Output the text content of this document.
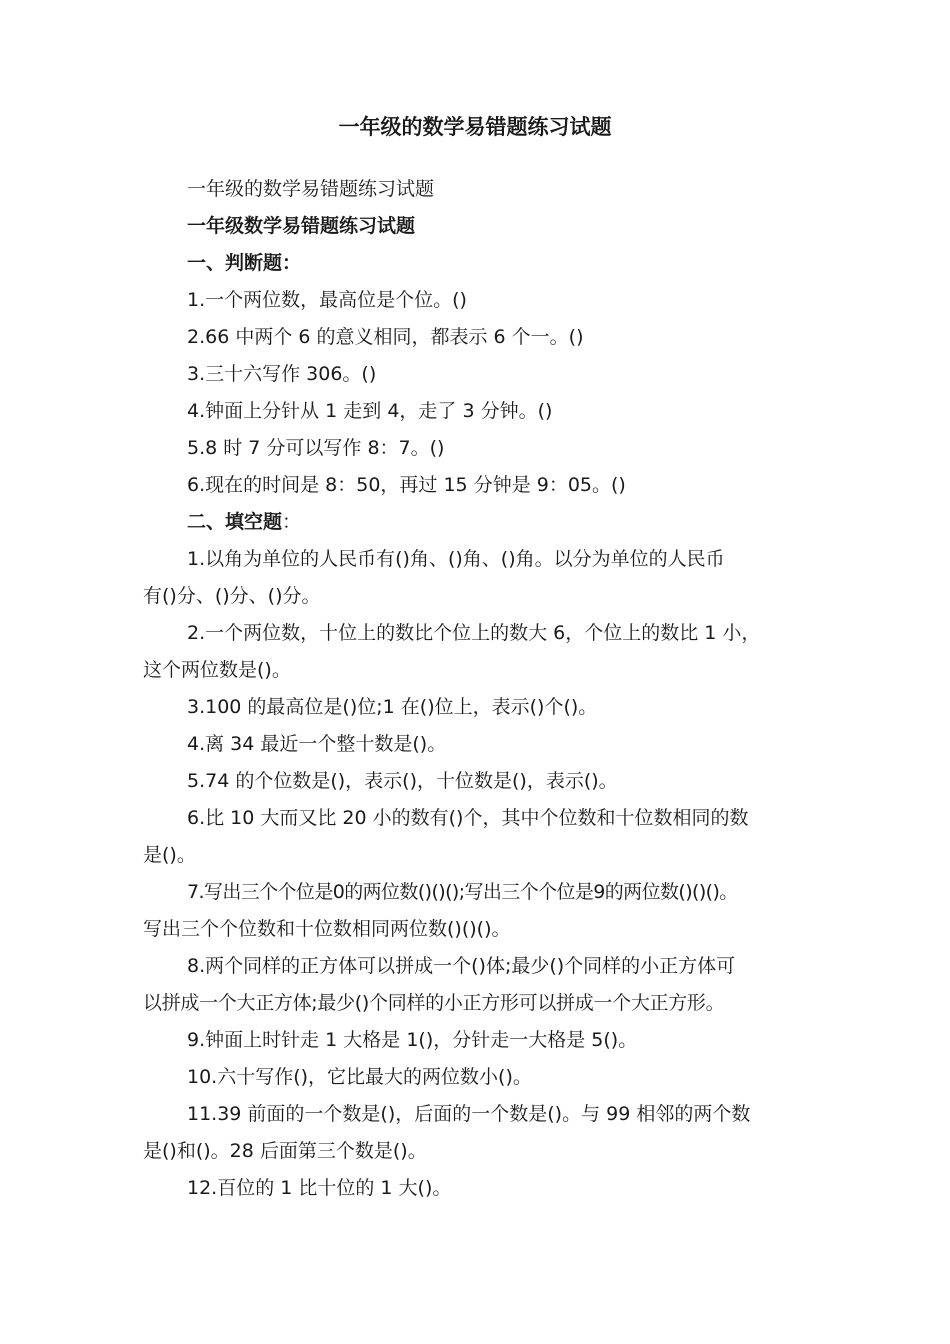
一年级的数学易错题练习试题

一年级的数学易错题练习试题

一年级数学易错题练习试题

一、判断题：

1.一个两位数，最高位是个位。()

2.66 中两个 6 的意义相同，都表示 6 个一。()

3.三十六写作 306。()

4.钟面上分针从 1 走到 4，走了 3 分钟。()

5.8 时 7 分可以写作 8：7。()

6.现在的时间是 8：50，再过 15 分钟是 9：05。()

二、填空题：

1.以角为单位的人民币有()角、()角、()角。以分为单位的人民币

有()分、()分、()分。

2.一个两位数，十位上的数比个位上的数大 6，个位上的数比 1 小，

这个两位数是()。

3.100 的最高位是()位;1 在()位上，表示()个()。

4.离 34 最近一个整十数是()。

5.74 的个位数是()，表示()，十位数是()，表示()。

6.比 10 大而又比 20 小的数有()个，其中个位数和十位数相同的数

是()。

7.写出三个个位是0的两位数()()();写出三个个位是9的两位数()()()。

写出三个个位数和十位数相同两位数()()()。

8.两个同样的正方体可以拼成一个()体;最少()个同样的小正方体可

以拼成一个大正方体;最少()个同样的小正方形可以拼成一个大正方形。

9.钟面上时针走 1 大格是 1()，分针走一大格是 5()。

10.六十写作()，它比最大的两位数小()。

11.39 前面的一个数是()，后面的一个数是()。与 99 相邻的两个数

是()和()。28 后面第三个数是()。

12.百位的 1 比十位的 1 大()。
